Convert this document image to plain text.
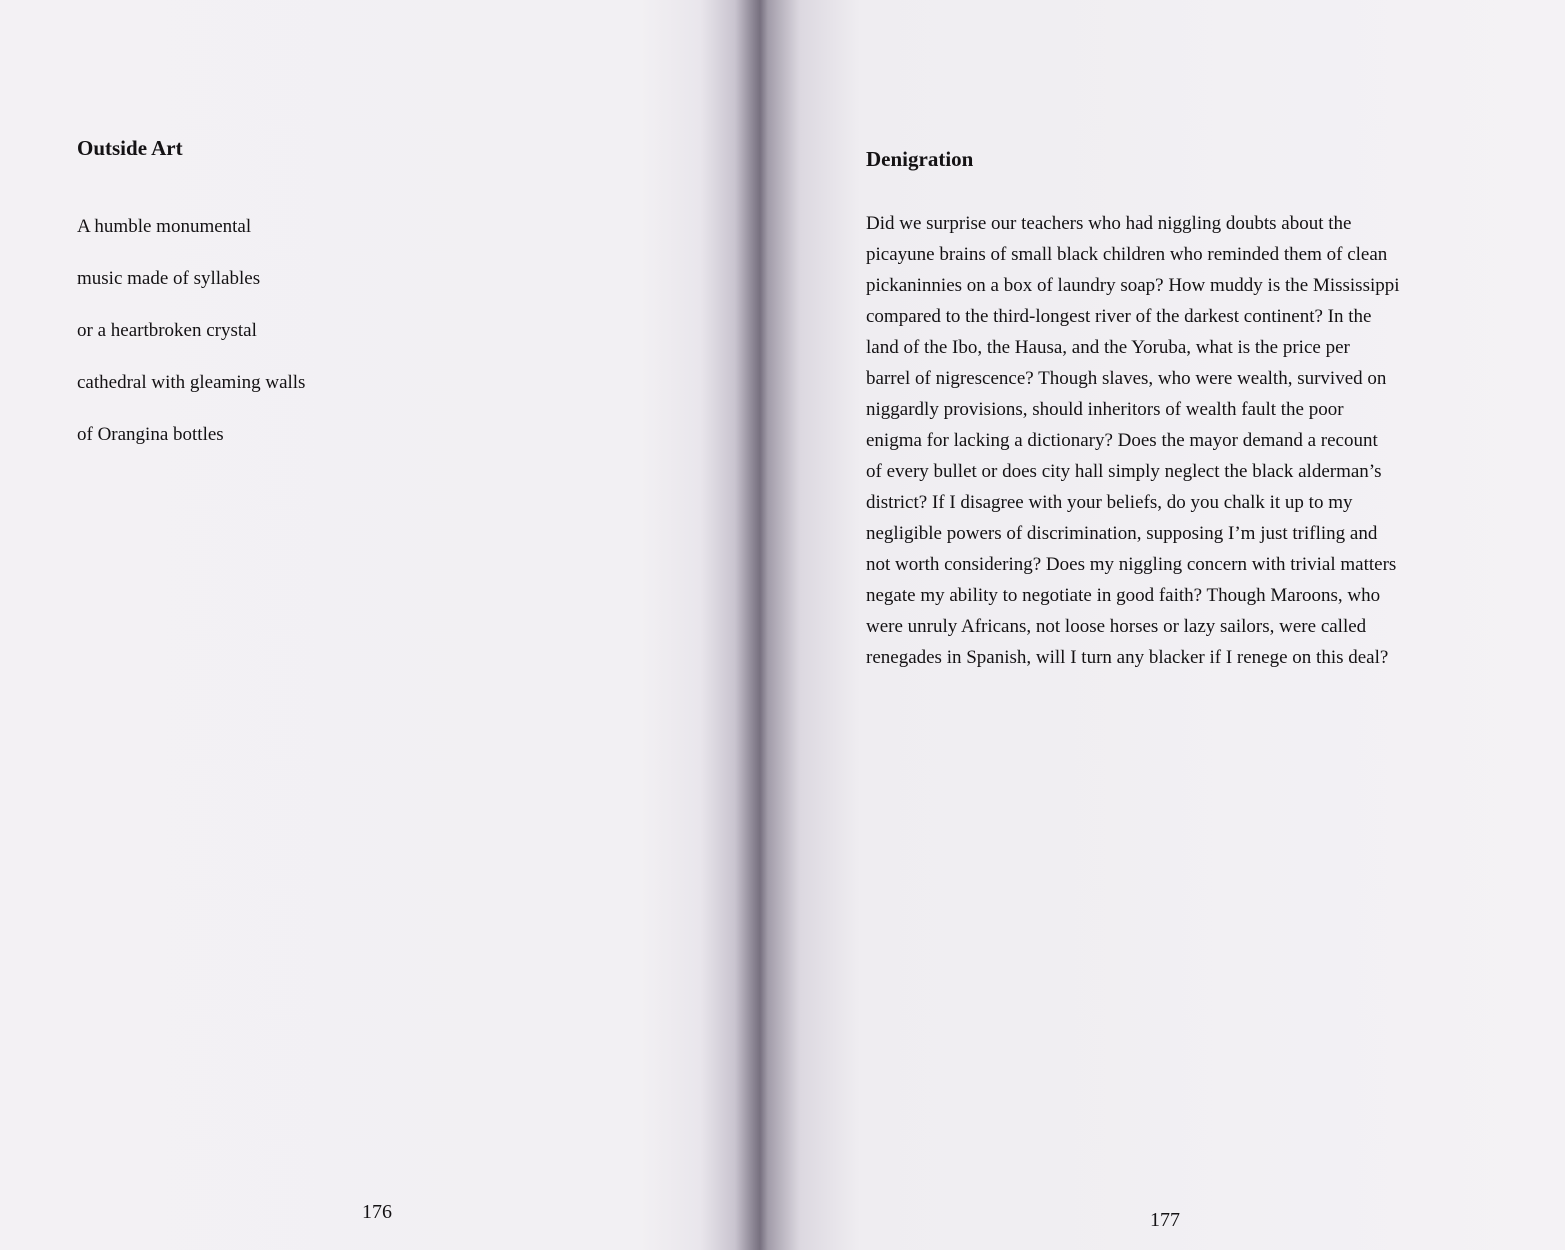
Outside Art
A humble monumental
music made of syllables
or a heartbroken crystal
cathedral with gleaming walls
of Orangina bottles
176
Denigration
Did we surprise our teachers who had niggling doubts about the
picayune brains of small black children who reminded them of clean
pickaninnies on a box of laundry soap? How muddy is the Mississippi
compared to the third-longest river of the darkest continent? In the
land of the Ibo, the Hausa, and the Yoruba, what is the price per
barrel of nigrescence? Though slaves, who were wealth, survived on
niggardly provisions, should inheritors of wealth fault the poor
enigma for lacking a dictionary? Does the mayor demand a recount
of every bullet or does city hall simply neglect the black alderman’s
district? If I disagree with your beliefs, do you chalk it up to my
negligible powers of discrimination, supposing I’m just trifling and
not worth considering? Does my niggling concern with trivial matters
negate my ability to negotiate in good faith? Though Maroons, who
were unruly Africans, not loose horses or lazy sailors, were called
renegades in Spanish, will I turn any blacker if I renege on this deal?
177
